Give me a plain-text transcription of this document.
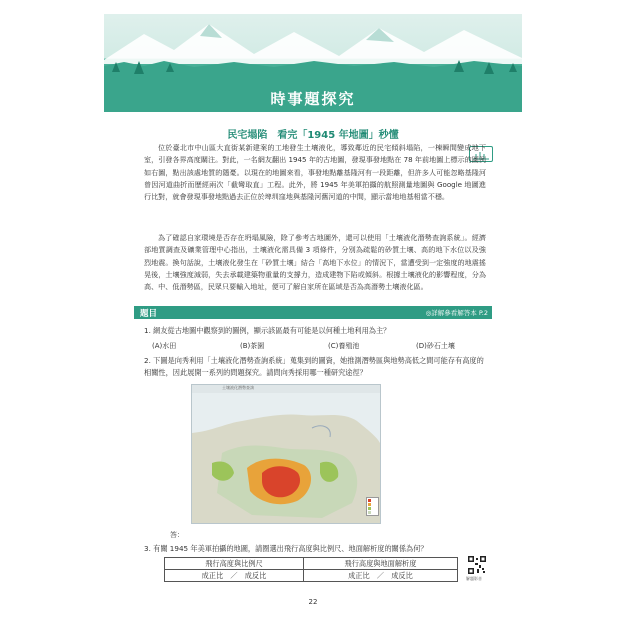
時事題探究
民宅塌陷　看完「1945 年地圖」秒懂

位於臺北市中山區大直街某新建案的工地發生土壤液化，導致鄰近的民宅傾斜塌陷，一棟瞬間變成地下室，引發各界高度關注。對此，一名網友翻出 1945 年的古地圖，發現事發地點在 78 年前地圖上標示的圖例如右圖，點出該處地質的隱憂。以現在的地圖來看，事發地點離基隆河有一段距離，但許多人可能忽略基隆河曾因河道曲折而歷經兩次「截彎取直」工程。此外，將 1945 年美軍拍攝的航照測量地圖與 Google 地圖進行比對，就會發現事發地點過去正位於埤圳窪地與基隆河舊河道的中間，顯示當地地基相當不穩。

為了確認自家環境是否存在坍塌風險，除了參考古地圖外，還可以使用「土壤液化潛勢查詢系統」。經濟部地質調查及礦業管理中心指出，土壤液化需具備 3 項條件，分別為疏鬆的砂質土壤、高的地下水位以及強烈地震。換句話說，土壤液化發生在「砂質土壤」結合「高地下水位」的情況下，當遭受到一定強度的地震搖晃後，土壤強度減弱，失去承載建築物重量的支撐力，造成建物下陷或傾斜。根據土壤液化的影響程度，分為高、中、低潛勢區，民眾只要輸入地址，便可了解自家所在區域是否為高潛勢土壤液化區。

題目	◎詳解參看解答本 P.2
1. 網友從古地圖中觀察到的圖例，顯示該區最有可能是以何種土地利用為主？
(A)水田	(B)茶園	(C)養殖池	(D)砂石土壤

2. 下圖是向秀利用「土壤液化潛勢查詢系統」蒐集到的圖資，她推測潛勢區與地勢高低之間可能存有高度的相關性，因此展開一系列的問題探究。請問向秀採用哪一種研究途徑？

土壤液化潛勢查詢
答：
3. 有關 1945 年美軍拍攝的地圖，請圈選出飛行高度與比例尺、地面解析度的關係為何？
飛行高度與比例尺	飛行高度與地面解析度
成正比　／　成反比	成正比　／　成反比	解題影音
22
